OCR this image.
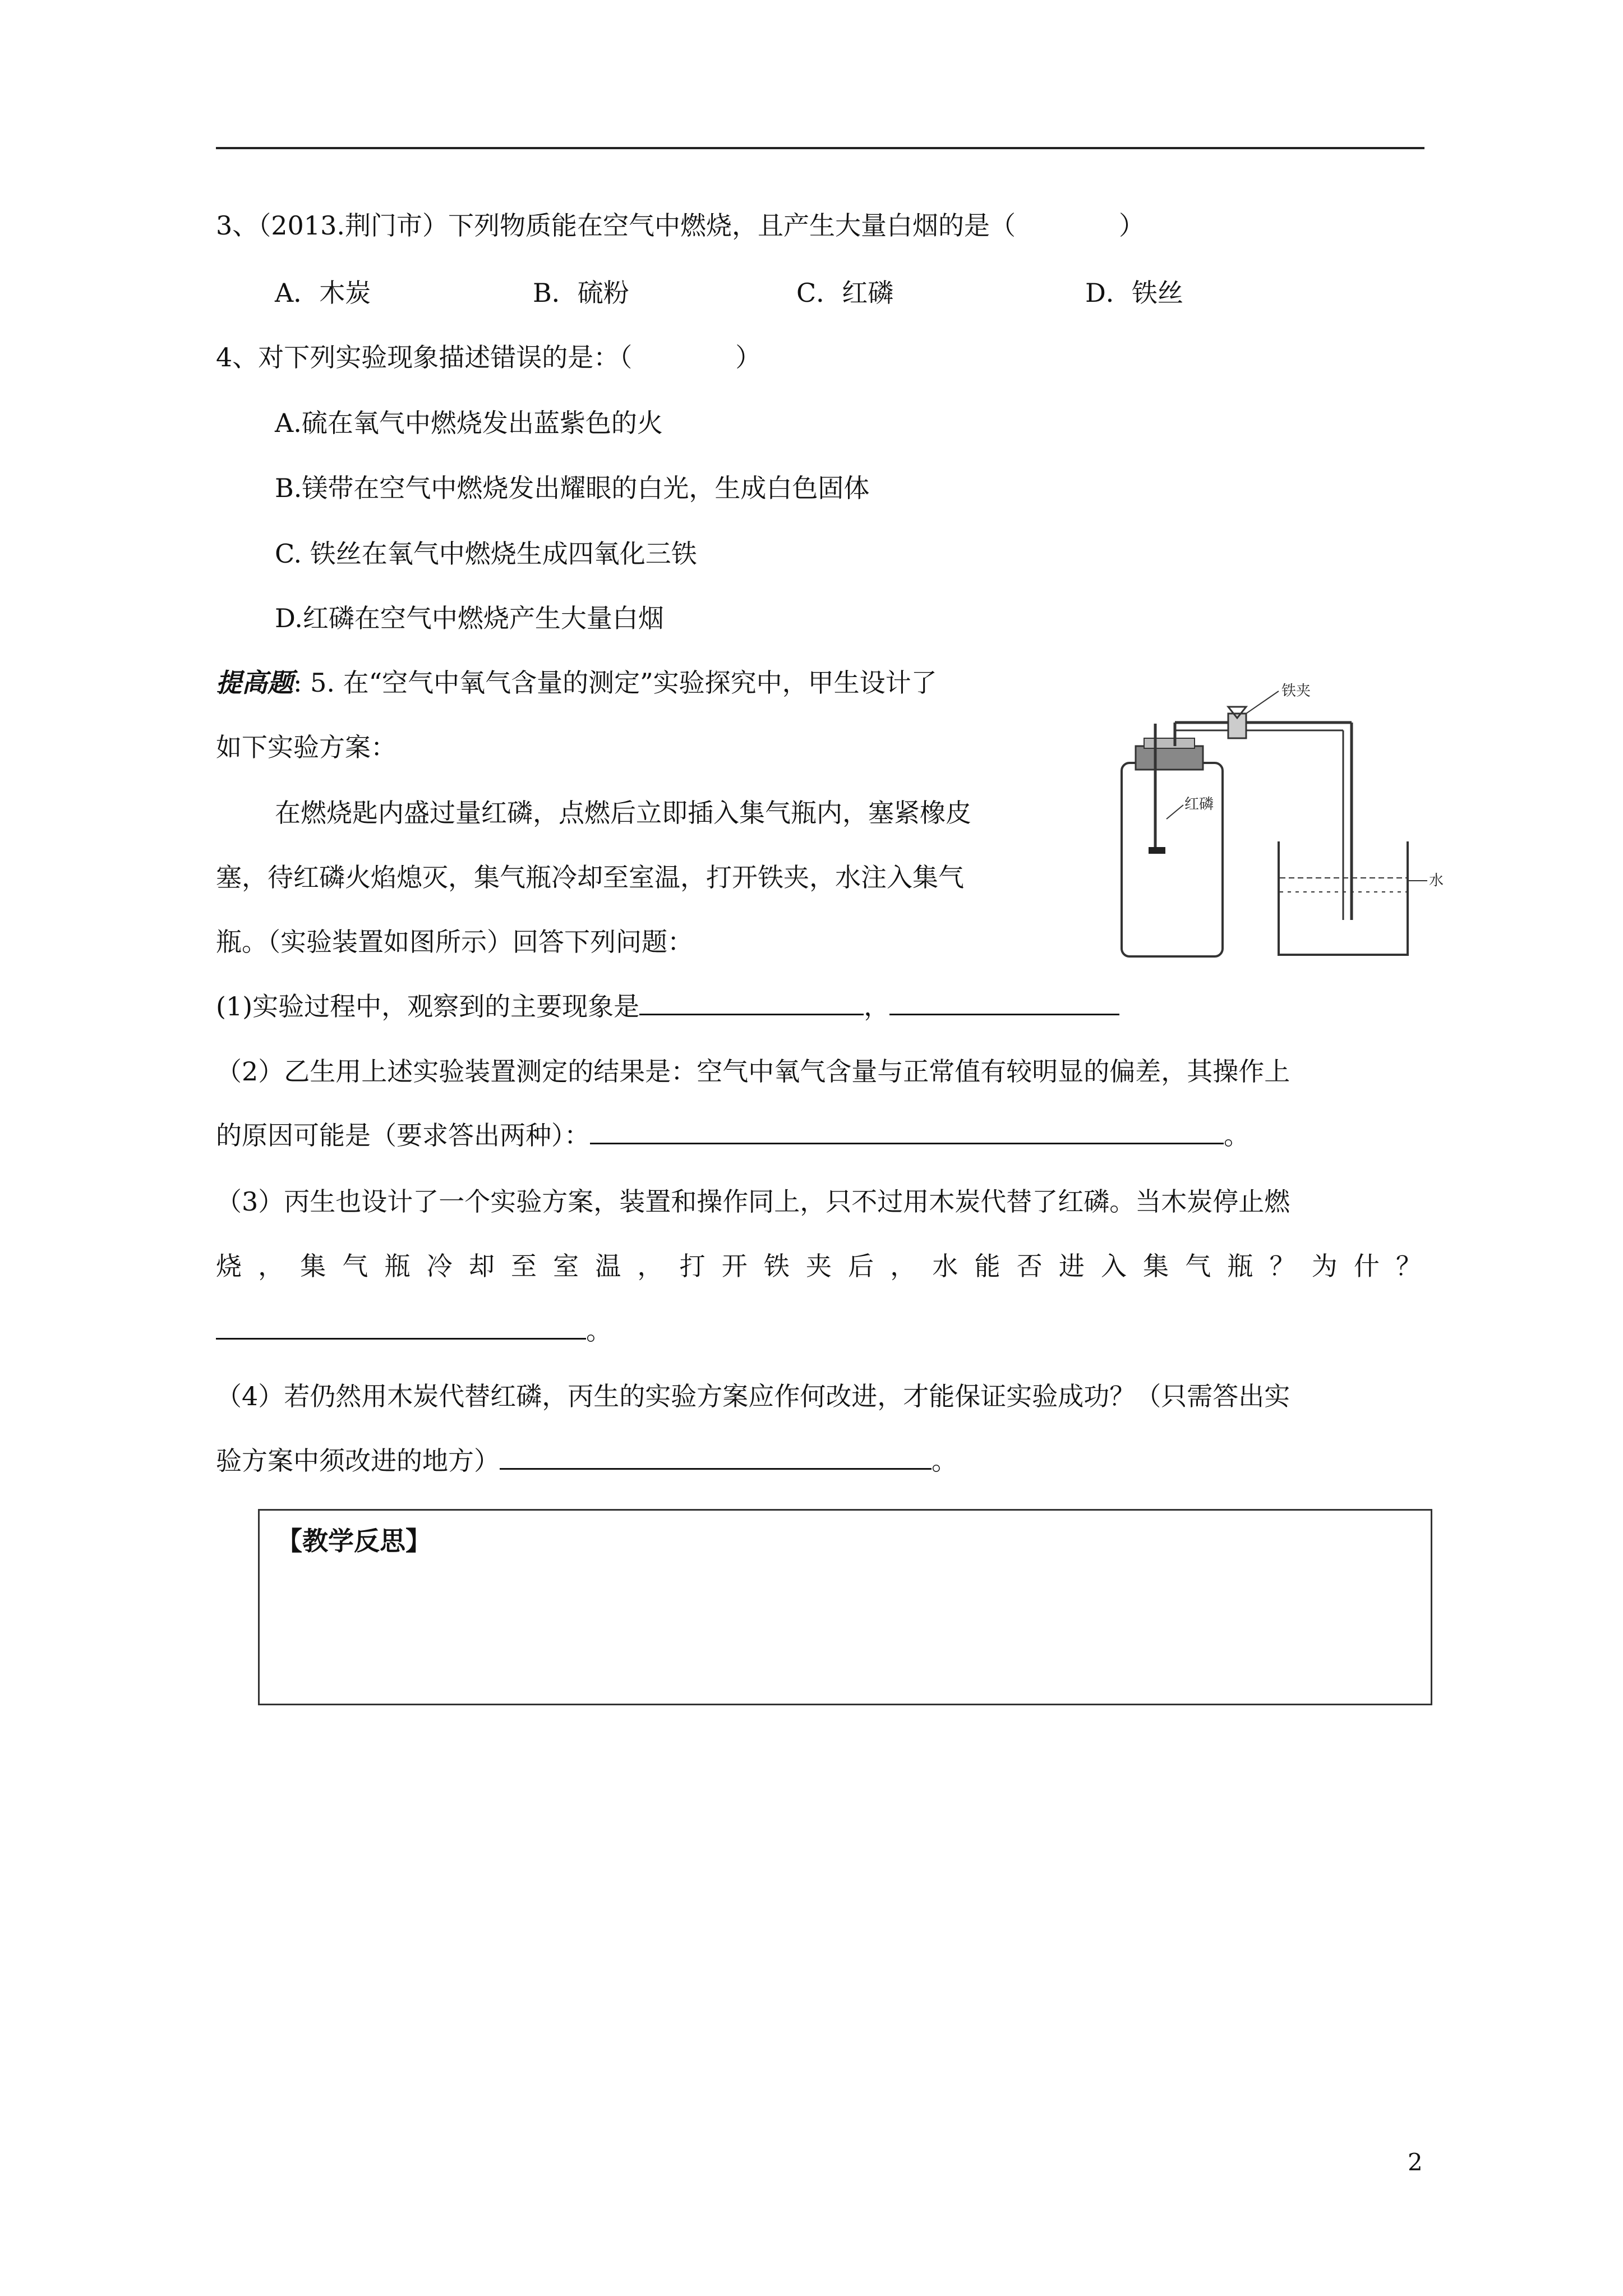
3、（2013.荆门市）下列物质能在空气中燃烧，且产生大量白烟的是（　　　　）
A．木炭	B．硫粉	C．红磷	D．铁丝
4、对下列实验现象描述错误的是：（　　　　）
A.硫在氧气中燃烧发出蓝紫色的火
B.镁带在空气中燃烧发出耀眼的白光，生成白色固体
C. 铁丝在氧气中燃烧生成四氧化三铁
D.红磷在空气中燃烧产生大量白烟
提高题: 5. 在“空气中氧气含量的测定”实验探究中，甲生设计了
如下实验方案：
在燃烧匙内盛过量红磷，点燃后立即插入集气瓶内，塞紧橡皮
塞，待红磷火焰熄灭，集气瓶冷却至室温，打开铁夹，水注入集气
瓶。（实验装置如图所示）回答下列问题：
铁夹
水
红磷
(1)实验过程中，观察到的主要现象是	，
（2）乙生用上述实验装置测定的结果是：空气中氧气含量与正常值有较明显的偏差，其操作上
的原因可能是（要求答出两种）：	。
（3）丙生也设计了一个实验方案，装置和操作同上，只不过用木炭代替了红磷。当木炭停止燃
烧，集气瓶冷却至室温，打开铁夹后，水能否进入集气瓶？为什？
。
（4）若仍然用木炭代替红磷，丙生的实验方案应作何改进，才能保证实验成功？（只需答出实
验方案中须改进的地方）	。
【教学反思】
2
